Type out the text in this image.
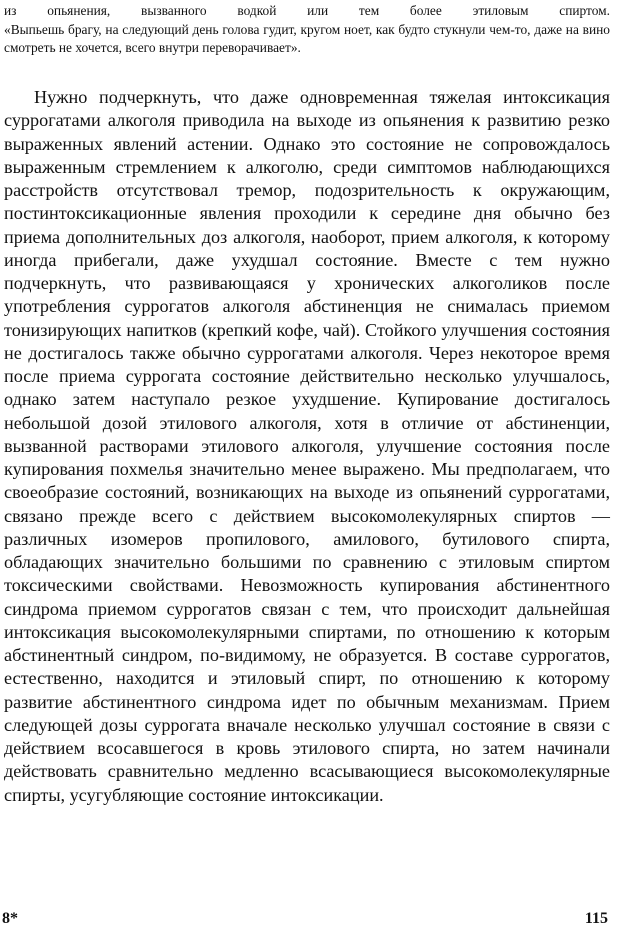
из опьянения, вызванного водкой или тем более этиловым спиртом.
«Выпьешь брагу, на следующий день голова гудит, кругом ноет, как будто стукнули чем-то, даже на вино смотреть не хочется, всего внутри переворачивает».
Нужно подчеркнуть, что даже одновременная тяжелая интоксикация суррогатами алкоголя приводила на выходе из опьянения к развитию резко выраженных явлений астении. Однако это состояние не сопровождалось выраженным стремлением к алкоголю, среди симптомов наблюдающихся расстройств отсутствовал тремор, подозрительность к окружающим, постинтоксикационные явления проходили к середине дня обычно без приема дополнительных доз алкоголя, наоборот, прием алкоголя, к которому иногда прибегали, даже ухудшал состояние. Вместе с тем нужно подчеркнуть, что развивающаяся у хронических алкоголиков после употребления суррогатов алкоголя абстиненция не снималась приемом тонизирующих напитков (крепкий кофе, чай). Стойкого улучшения состояния не достигалось также обычно суррогатами алкоголя. Через некоторое время после приема суррогата состояние действительно несколько улучшалось, однако затем наступало резкое ухудшение. Купирование достигалось небольшой дозой этилового алкоголя, хотя в отличие от абстиненции, вызванной растворами этилового алкоголя, улучшение состояния после купирования похмелья значительно менее выражено. Мы предполагаем, что своеобразие состояний, возникающих на выходе из опьянений суррогатами, связано прежде всего с действием высокомолекулярных спиртов — различных изомеров пропилового, амилового, бутилового спирта, обладающих значительно большими по сравнению с этиловым спиртом токсическими свойствами. Невозможность купирования абстинентного синдрома приемом суррогатов связан с тем, что происходит дальнейшая интоксикация высокомолекулярными спиртами, по отношению к которым абстинентный синдром, по-видимому, не образуется. В составе суррогатов, естественно, находится и этиловый спирт, по отношению к которому развитие абстинентного синдрома идет по обычным механизмам. Прием следующей дозы суррогата вначале несколько улучшал состояние в связи с действием всосавшегося в кровь этилового спирта, но затем начинали действовать сравнительно медленно всасывающиеся высокомолекулярные спирты, усугубляющие состояние интоксикации.
8*	115
